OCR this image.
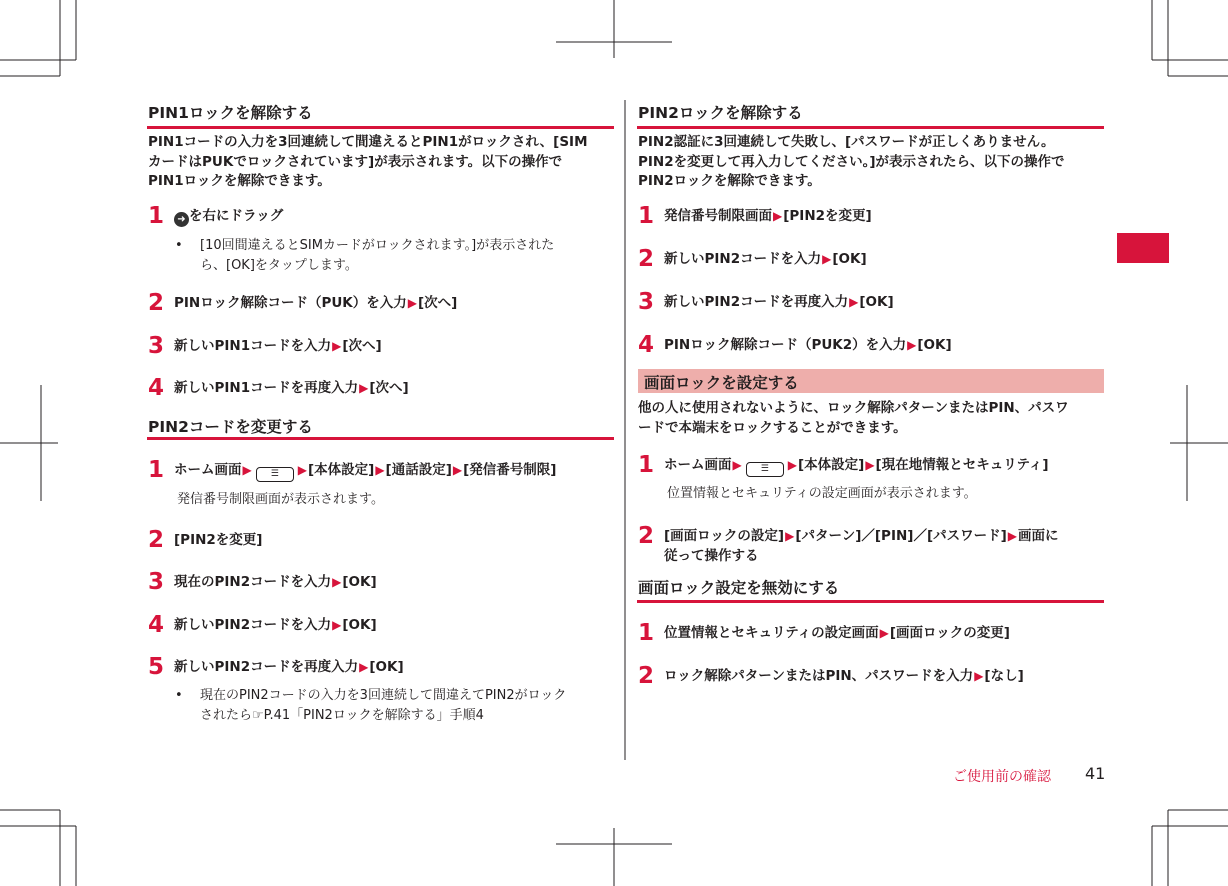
PIN1ロックを解除する
PIN1コードの入力を3回連続して間違えるとPIN1がロックされ、[SIM
カードはPUKでロックされています]が表示されます。以下の操作で
PIN1ロックを解除できます。
1	➜ を右にドラッグ
• [10回間違えるとSIMカードがロックされます。]が表示された
ら、[OK]をタップします。
2 PINロック解除コード（PUK）を入力▶[次へ]
3 新しいPIN1コードを入力▶[次へ]
4 新しいPIN1コードを再度入力▶[次へ]
PIN2コードを変更する
1 ホーム画面▶ ☰ ▶[本体設定]▶[通話設定]▶[発信番号制限]
発信番号制限画面が表示されます。
2 [PIN2を変更]
3 現在のPIN2コードを入力▶[OK]
4 新しいPIN2コードを入力▶[OK]
5 新しいPIN2コードを再度入力▶[OK]
• 現在のPIN2コードの入力を3回連続して間違えてPIN2がロック
されたら☞P.41「PIN2ロックを解除する」手順4
PIN2ロックを解除する
PIN2認証に3回連続して失敗し、[パスワードが正しくありません。
PIN2を変更して再入力してください。]が表示されたら、以下の操作で
PIN2ロックを解除できます。
1 発信番号制限画面▶[PIN2を変更]
2 新しいPIN2コードを入力▶[OK]
3 新しいPIN2コードを再度入力▶[OK]
4 PINロック解除コード（PUK2）を入力▶[OK]
画面ロックを設定する
他の人に使用されないように、ロック解除パターンまたはPIN、パスワ
ードで本端末をロックすることができます。
1 ホーム画面▶ ☰ ▶[本体設定]▶[現在地情報とセキュリティ]
位置情報とセキュリティの設定画面が表示されます。
2 [画面ロックの設定]▶[パターン]／[PIN]／[パスワード]▶画面に
従って操作する
画面ロック設定を無効にする
1 位置情報とセキュリティの設定画面▶[画面ロックの変更]
2 ロック解除パターンまたはPIN、パスワードを入力▶[なし]
ご使用前の確認 41
